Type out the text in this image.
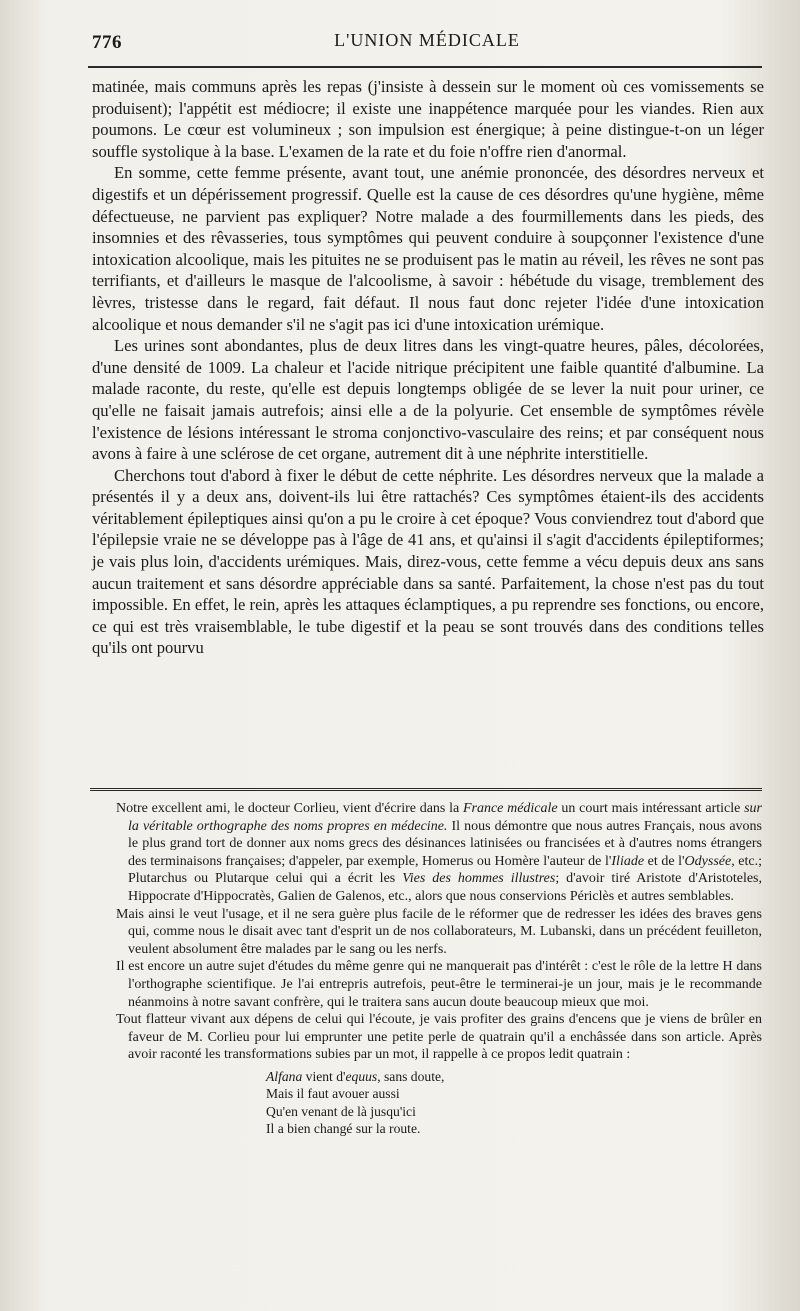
776	L'UNION MÉDICALE

matinée, mais communs après les repas (j'insiste à dessein sur le moment où ces vomissements se produisent); l'appétit est médiocre; il existe une inappétence marquée pour les viandes. Rien aux poumons. Le cœur est volumineux ; son impulsion est énergique; à peine distingue-t-on un léger souffle systolique à la base. L'examen de la rate et du foie n'offre rien d'anormal.

En somme, cette femme présente, avant tout, une anémie prononcée, des désordres nerveux et digestifs et un dépérissement progressif. Quelle est la cause de ces désordres qu'une hygiène, même défectueuse, ne parvient pas expliquer? Notre malade a des fourmillements dans les pieds, des insomnies et des rêvasseries, tous symptômes qui peuvent conduire à soupçonner l'existence d'une intoxication alcoolique, mais les pituites ne se produisent pas le matin au réveil, les rêves ne sont pas terrifiants, et d'ailleurs le masque de l'alcoolisme, à savoir : hébétude du visage, tremblement des lèvres, tristesse dans le regard, fait défaut. Il nous faut donc rejeter l'idée d'une intoxication alcoolique et nous demander s'il ne s'agit pas ici d'une intoxication urémique.

Les urines sont abondantes, plus de deux litres dans les vingt-quatre heures, pâles, décolorées, d'une densité de 1009. La chaleur et l'acide nitrique précipitent une faible quantité d'albumine. La malade raconte, du reste, qu'elle est depuis longtemps obligée de se lever la nuit pour uriner, ce qu'elle ne faisait jamais autrefois; ainsi elle a de la polyurie. Cet ensemble de symptômes révèle l'existence de lésions intéressant le stroma conjonctivo-vasculaire des reins; et par conséquent nous avons à faire à une sclérose de cet organe, autrement dit à une néphrite interstitielle.

Cherchons tout d'abord à fixer le début de cette néphrite. Les désordres nerveux que la malade a présentés il y a deux ans, doivent-ils lui être rattachés? Ces symptômes étaient-ils des accidents véritablement épileptiques ainsi qu'on a pu le croire à cet époque? Vous conviendrez tout d'abord que l'épilepsie vraie ne se développe pas à l'âge de 41 ans, et qu'ainsi il s'agit d'accidents épileptiformes; je vais plus loin, d'accidents urémiques. Mais, direz-vous, cette femme a vécu depuis deux ans sans aucun traitement et sans désordre appréciable dans sa santé. Parfaitement, la chose n'est pas du tout impossible. En effet, le rein, après les attaques éclamptiques, a pu reprendre ses fonctions, ou encore, ce qui est très vraisemblable, le tube digestif et la peau se sont trouvés dans des conditions telles qu'ils ont pourvu

Notre excellent ami, le docteur Corlieu, vient d'écrire dans la France médicale un court mais intéressant article sur la véritable orthographe des noms propres en médecine. Il nous démontre que nous autres Français, nous avons le plus grand tort de donner aux noms grecs des désinances latinisées ou francisées et à d'autres noms étrangers des terminaisons françaises; d'appeler, par exemple, Homerus ou Homère l'auteur de l'Iliade et de l'Odyssée, etc.; Plutarchus ou Plutarque celui qui a écrit les Vies des hommes illustres; d'avoir tiré Aristote d'Aristoteles, Hippocrate d'Hippocratès, Galien de Galenos, etc., alors que nous conservions Périclès et autres semblables.

Mais ainsi le veut l'usage, et il ne sera guère plus facile de le réformer que de redresser les idées des braves gens qui, comme nous le disait avec tant d'esprit un de nos collaborateurs, M. Lubanski, dans un précédent feuilleton, veulent absolument être malades par le sang ou les nerfs.

Il est encore un autre sujet d'études du même genre qui ne manquerait pas d'intérêt : c'est le rôle de la lettre H dans l'orthographe scientifique. Je l'ai entrepris autrefois, peut-être le terminerai-je un jour, mais je le recommande néanmoins à notre savant confrère, qui le traitera sans aucun doute beaucoup mieux que moi.

Tout flatteur vivant aux dépens de celui qui l'écoute, je vais profiter des grains d'encens que je viens de brûler en faveur de M. Corlieu pour lui emprunter une petite perle de quatrain qu'il a enchâssée dans son article. Après avoir raconté les transformations subies par un mot, il rappelle à ce propos ledit quatrain :

Alfana vient d'equus, sans doute,
Mais il faut avouer aussi
Qu'en venant de là jusqu'ici
Il a bien changé sur la route.
